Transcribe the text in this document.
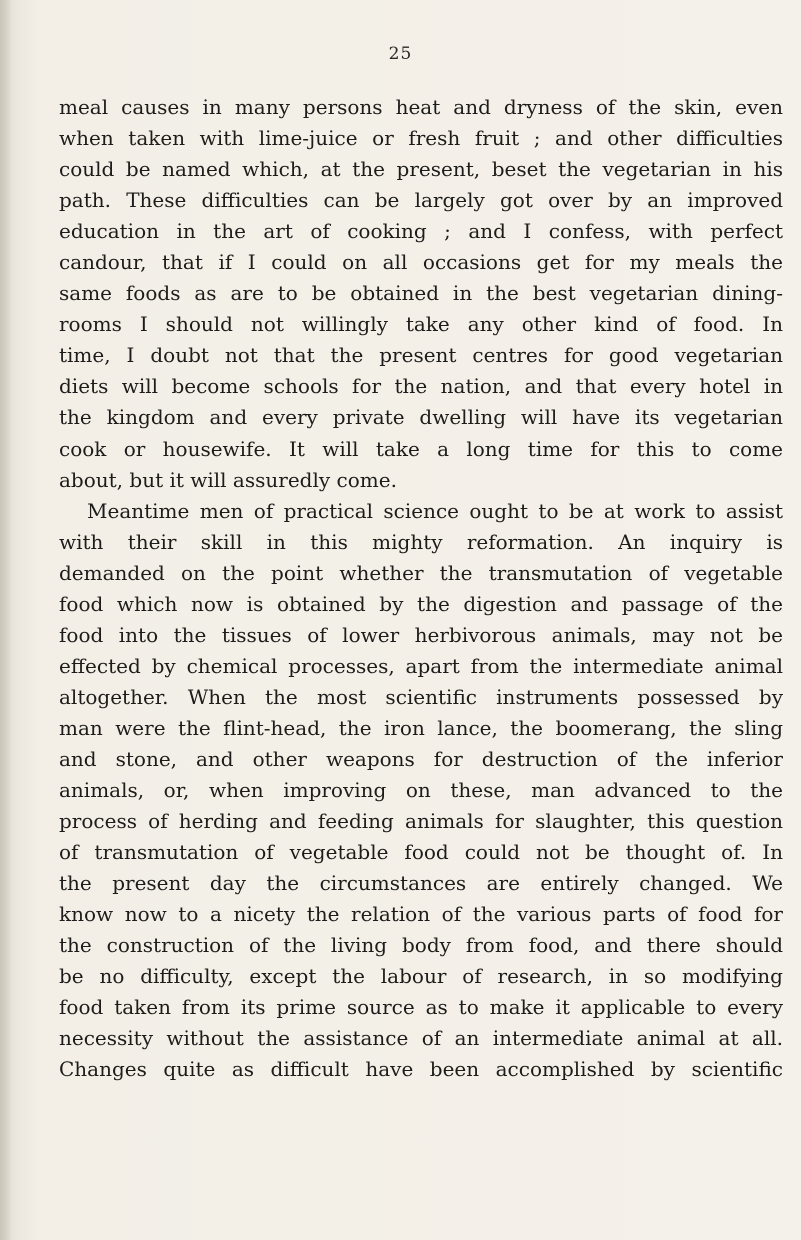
25
meal causes in many persons heat and dryness of the skin, even
when taken with lime-juice or fresh fruit ; and other difficulties
could be named which, at the present, beset the vegetarian in his
path. These difficulties can be largely got over by an improved
education in the art of cooking ; and I confess, with perfect
candour, that if I could on all occasions get for my meals the
same foods as are to be obtained in the best vegetarian dining-
rooms I should not willingly take any other kind of food. In
time, I doubt not that the present centres for good vegetarian
diets will become schools for the nation, and that every hotel in
the kingdom and every private dwelling will have its vegetarian
cook or housewife. It will take a long time for this to come
about, but it will assuredly come.
Meantime men of practical science ought to be at work to assist
with their skill in this mighty reformation. An inquiry is
demanded on the point whether the transmutation of vegetable
food which now is obtained by the digestion and passage of the
food into the tissues of lower herbivorous animals, may not be
effected by chemical processes, apart from the intermediate animal
altogether. When the most scientific instruments possessed by
man were the flint-head, the iron lance, the boomerang, the sling
and stone, and other weapons for destruction of the inferior
animals, or, when improving on these, man advanced to the
process of herding and feeding animals for slaughter, this question
of transmutation of vegetable food could not be thought of. In
the present day the circumstances are entirely changed. We
know now to a nicety the relation of the various parts of food for
the construction of the living body from food, and there should
be no difficulty, except the labour of research, in so modifying
food taken from its prime source as to make it applicable to every
necessity without the assistance of an intermediate animal at all.
Changes quite as difficult have been accomplished by scientific
